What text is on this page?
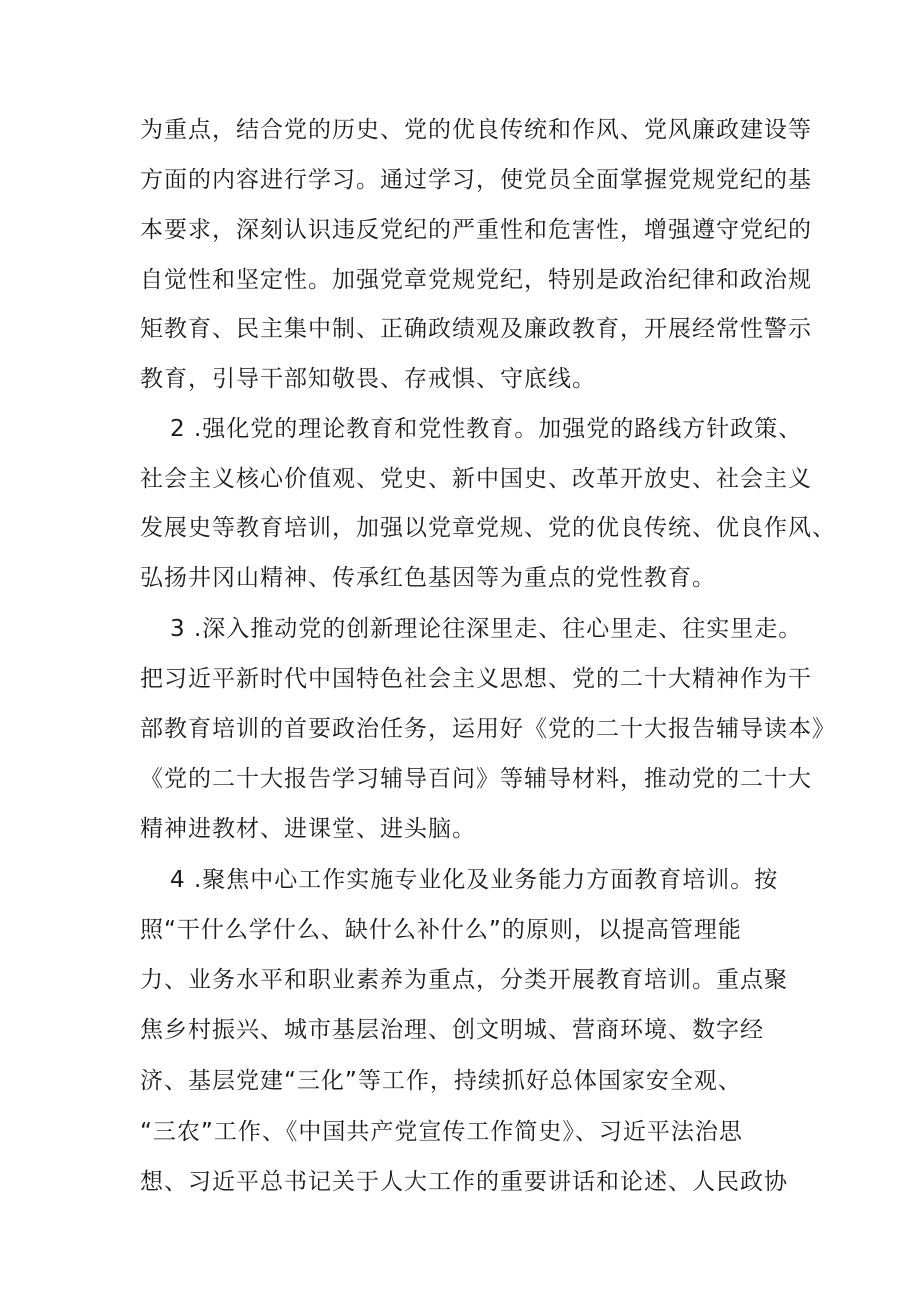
为重点，结合党的历史、党的优良传统和作风、党风廉政建设等
方面的内容进行学习。通过学习，使党员全面掌握党规党纪的基
本要求，深刻认识违反党纪的严重性和危害性，增强遵守党纪的
自觉性和坚定性。加强党章党规党纪，特别是政治纪律和政治规
矩教育、民主集中制、正确政绩观及廉政教育，开展经常性警示
教育，引导干部知敬畏、存戒惧、守底线。
2 .强化党的理论教育和党性教育。加强党的路线方针政策、
社会主义核心价值观、党史、新中国史、改革开放史、社会主义
发展史等教育培训，加强以党章党规、党的优良传统、优良作风、
弘扬井冈山精神、传承红色基因等为重点的党性教育。
3 .深入推动党的创新理论往深里走、往心里走、往实里走。
把习近平新时代中国特色社会主义思想、党的二十大精神作为干
部教育培训的首要政治任务，运用好《党的二十大报告辅导读本》
《党的二十大报告学习辅导百问》等辅导材料，推动党的二十大
精神进教材、进课堂、进头脑。
4 .聚焦中心工作实施专业化及业务能力方面教育培训。按
照“干什么学什么、缺什么补什么”的原则，以提高管理能
力、业务水平和职业素养为重点，分类开展教育培训。重点聚
焦乡村振兴、城市基层治理、创文明城、营商环境、数字经
济、基层党建“三化”等工作，持续抓好总体国家安全观、
“三农”工作、《中国共产党宣传工作简史》、习近平法治思
想、习近平总书记关于人大工作的重要讲话和论述、人民政协
